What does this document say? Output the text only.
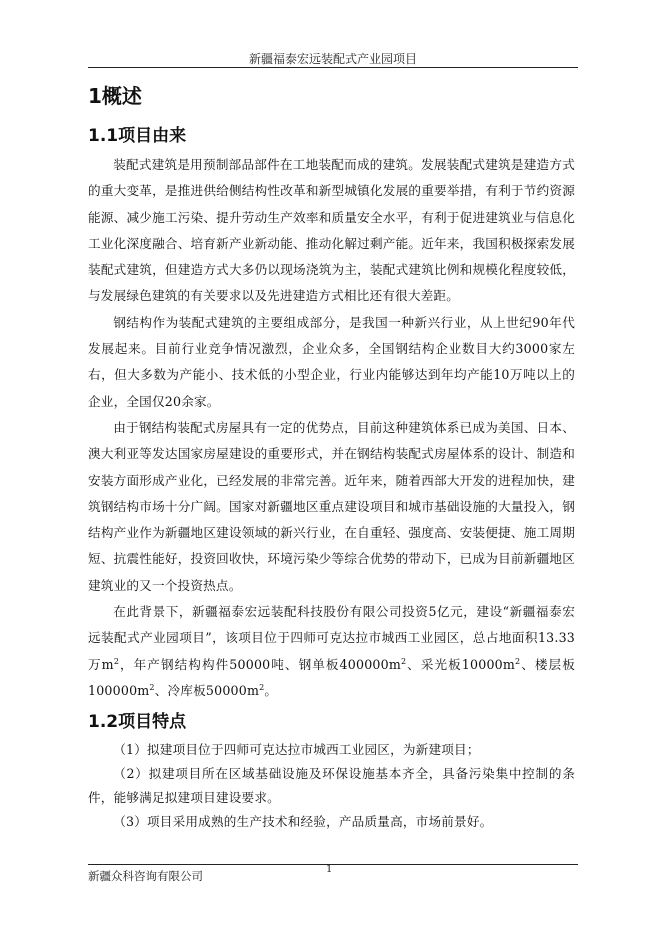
新疆福泰宏远装配式产业园项目
1概述
1.1项目由来

装配式建筑是用预制部品部件在工地装配而成的建筑。发展装配式建筑是建造方式的重大变革，是推进供给侧结构性改革和新型城镇化发展的重要举措，有利于节约资源能源、减少施工污染、提升劳动生产效率和质量安全水平，有利于促进建筑业与信息化工业化深度融合、培育新产业新动能、推动化解过剩产能。近年来，我国积极探索发展装配式建筑，但建造方式大多仍以现场浇筑为主，装配式建筑比例和规模化程度较低，与发展绿色建筑的有关要求以及先进建造方式相比还有很大差距。

钢结构作为装配式建筑的主要组成部分，是我国一种新兴行业，从上世纪90年代发展起来。目前行业竞争情况激烈，企业众多，全国钢结构企业数目大约3000家左右，但大多数为产能小、技术低的小型企业，行业内能够达到年均产能10万吨以上的企业，全国仅20余家。

由于钢结构装配式房屋具有一定的优势点，目前这种建筑体系已成为美国、日本、澳大利亚等发达国家房屋建设的重要形式，并在钢结构装配式房屋体系的设计、制造和安装方面形成产业化，已经发展的非常完善。近年来，随着西部大开发的进程加快，建筑钢结构市场十分广阔。国家对新疆地区重点建设项目和城市基础设施的大量投入，钢结构产业作为新疆地区建设领域的新兴行业，在自重轻、强度高、安装便捷、施工周期短、抗震性能好，投资回收快，环境污染少等综合优势的带动下，已成为目前新疆地区建筑业的又一个投资热点。

在此背景下，新疆福泰宏远装配科技股份有限公司投资5亿元，建设“新疆福泰宏远装配式产业园项目”，该项目位于四师可克达拉市城西工业园区，总占地面积13.33万$m^2$，年产钢结构构件50000吨、钢单板$400000m^2$、采光板$10000m^2$、楼层板$100000m^2$、冷库板$50000m^2$。

1.2项目特点

（1）拟建项目位于四师可克达拉市城西工业园区，为新建项目；

（2）拟建项目所在区域基础设施及环保设施基本齐全，具备污染集中控制的条件，能够满足拟建项目建设要求。

（3）项目采用成熟的生产技术和经验，产品质量高，市场前景好。

新疆众科咨询有限公司	1
